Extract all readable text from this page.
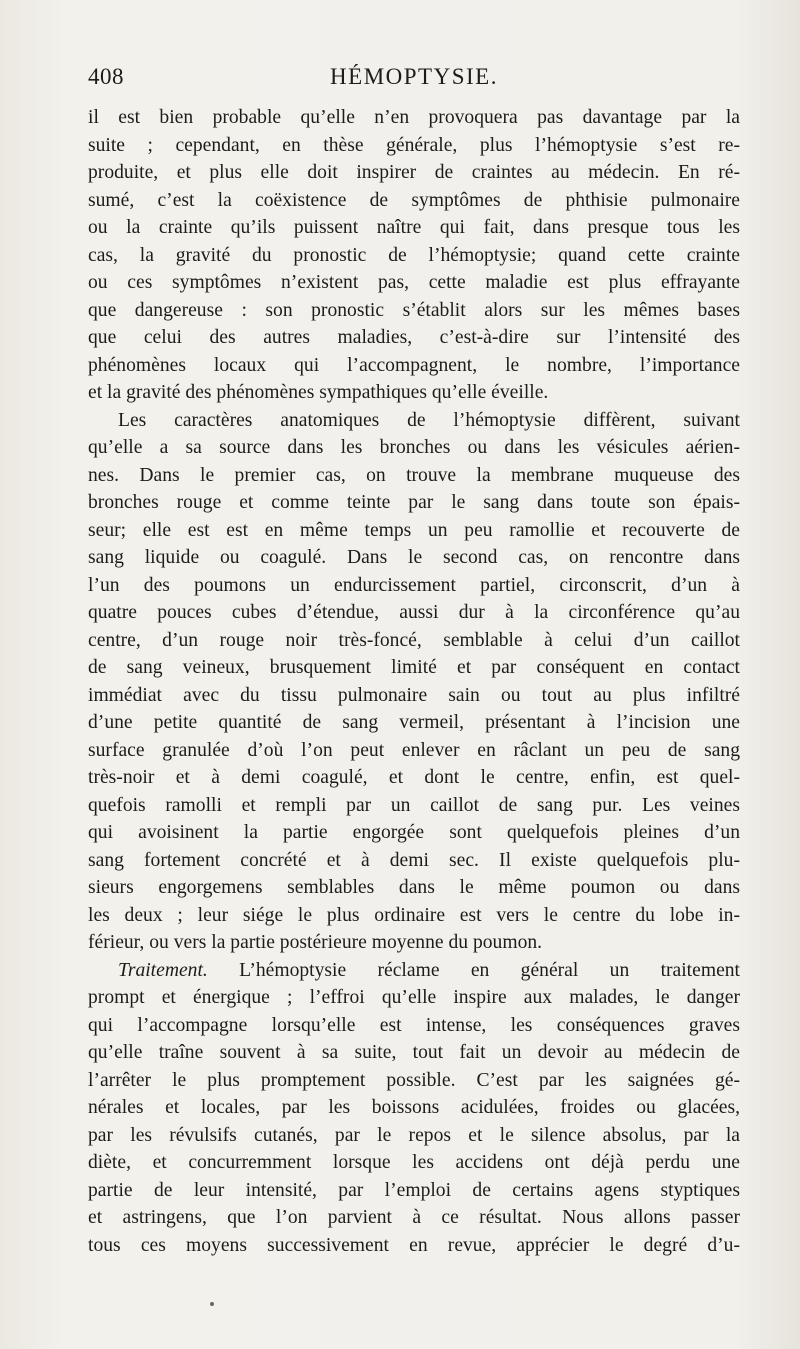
408	HÉMOPTYSIE.
il est bien probable qu’elle n’en provoquera pas davantage par la
suite ; cependant, en thèse générale, plus l’hémoptysie s’est re-
produite, et plus elle doit inspirer de craintes au médecin. En ré-
sumé, c’est la coëxistence de symptômes de phthisie pulmonaire
ou la crainte qu’ils puissent naître qui fait, dans presque tous les
cas, la gravité du pronostic de l’hémoptysie; quand cette crainte
ou ces symptômes n’existent pas, cette maladie est plus effrayante
que dangereuse : son pronostic s’établit alors sur les mêmes bases
que celui des autres maladies, c’est-à-dire sur l’intensité des
phénomènes locaux qui l’accompagnent, le nombre, l’importance
et la gravité des phénomènes sympathiques qu’elle éveille.
Les caractères anatomiques de l’hémoptysie diffèrent, suivant
qu’elle a sa source dans les bronches ou dans les vésicules aérien-
nes. Dans le premier cas, on trouve la membrane muqueuse des
bronches rouge et comme teinte par le sang dans toute son épais-
seur; elle est est en même temps un peu ramollie et recouverte de
sang liquide ou coagulé. Dans le second cas, on rencontre dans
l’un des poumons un endurcissement partiel, circonscrit, d’un à
quatre pouces cubes d’étendue, aussi dur à la circonférence qu’au
centre, d’un rouge noir très-foncé, semblable à celui d’un caillot
de sang veineux, brusquement limité et par conséquent en contact
immédiat avec du tissu pulmonaire sain ou tout au plus infiltré
d’une petite quantité de sang vermeil, présentant à l’incision une
surface granulée d’où l’on peut enlever en râclant un peu de sang
très-noir et à demi coagulé, et dont le centre, enfin, est quel-
quefois ramolli et rempli par un caillot de sang pur. Les veines
qui avoisinent la partie engorgée sont quelquefois pleines d’un
sang fortement concrété et à demi sec. Il existe quelquefois plu-
sieurs engorgemens semblables dans le même poumon ou dans
les deux ; leur siége le plus ordinaire est vers le centre du lobe in-
férieur, ou vers la partie postérieure moyenne du poumon.
Traitement. L’hémoptysie réclame en général un traitement
prompt et énergique ; l’effroi qu’elle inspire aux malades, le danger
qui l’accompagne lorsqu’elle est intense, les conséquences graves
qu’elle traîne souvent à sa suite, tout fait un devoir au médecin de
l’arrêter le plus promptement possible. C’est par les saignées gé-
nérales et locales, par les boissons acidulées, froides ou glacées,
par les révulsifs cutanés, par le repos et le silence absolus, par la
diète, et concurremment lorsque les accidens ont déjà perdu une
partie de leur intensité, par l’emploi de certains agens styptiques
et astringens, que l’on parvient à ce résultat. Nous allons passer
tous ces moyens successivement en revue, apprécier le degré d’u-
